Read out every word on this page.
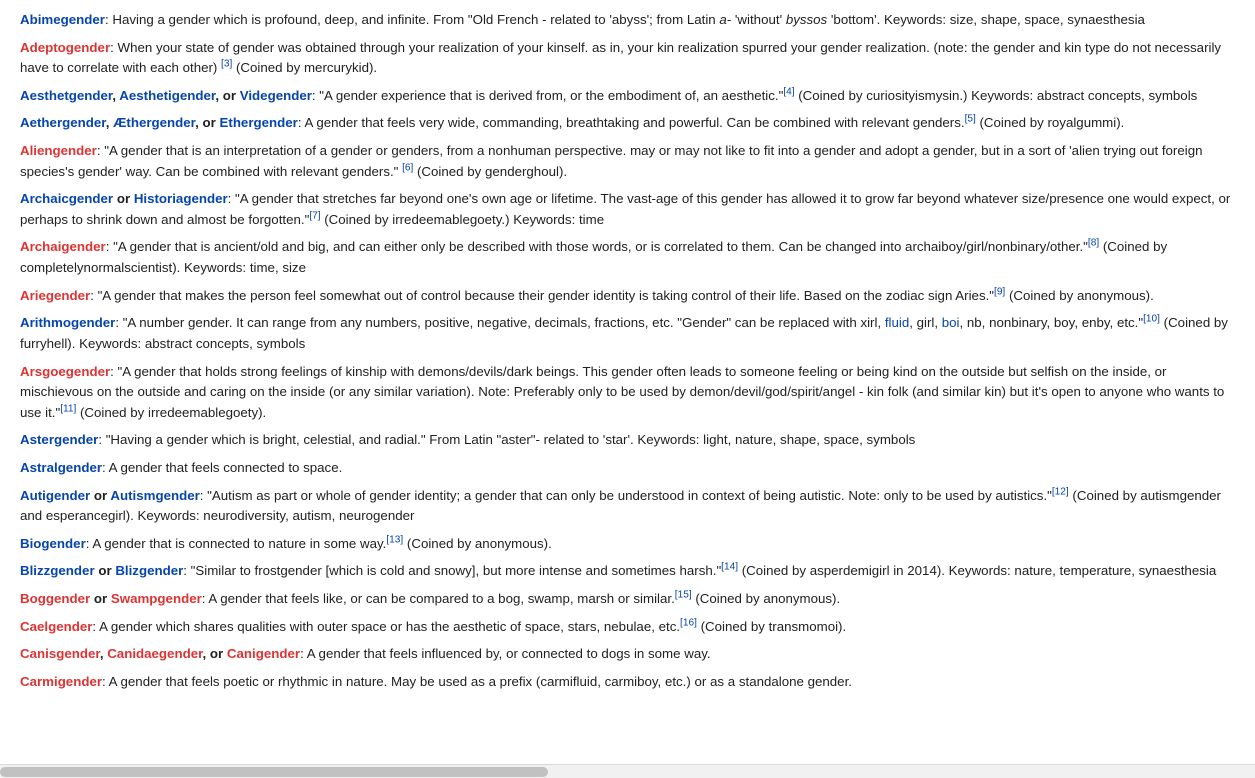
Abimegender: Having a gender which is profound, deep, and infinite. From "Old French - related to 'abyss'; from Latin a- 'without' byssos 'bottom'. Keywords: size, shape, space, synaesthesia

Adeptogender: When your state of gender was obtained through your realization of your kinself. as in, your kin realization spurred your gender realization. (note: the gender and kin type do not necessarily have to correlate with each other) [3] (Coined by mercurykid).

Aesthetgender, Aesthetigender, or Videgender: "A gender experience that is derived from, or the embodiment of, an aesthetic."[4] (Coined by curiosityismysin.) Keywords: abstract concepts, symbols

Aethergender, Æthergender, or Ethergender: A gender that feels very wide, commanding, breathtaking and powerful. Can be combined with relevant genders.[5] (Coined by royalgummi).

Aliengender: "A gender that is an interpretation of a gender or genders, from a nonhuman perspective. may or may not like to fit into a gender and adopt a gender, but in a sort of 'alien trying out foreign species's gender' way. Can be combined with relevant genders." [6] (Coined by genderghoul).

Archaicgender or Historiagender: "A gender that stretches far beyond one's own age or lifetime. The vast-age of this gender has allowed it to grow far beyond whatever size/presence one would expect, or perhaps to shrink down and almost be forgotten."[7] (Coined by irredeemablegoety.) Keywords: time

Archaigender: "A gender that is ancient/old and big, and can either only be described with those words, or is correlated to them. Can be changed into archaiboy/girl/nonbinary/other."[8] (Coined by completelynormalscientist). Keywords: time, size

Ariegender: "A gender that makes the person feel somewhat out of control because their gender identity is taking control of their life. Based on the zodiac sign Aries."[9] (Coined by anonymous).

Arithmogender: "A number gender. It can range from any numbers, positive, negative, decimals, fractions, etc. "Gender" can be replaced with xirl, fluid, girl, boi, nb, nonbinary, boy, enby, etc."[10] (Coined by furryhell). Keywords: abstract concepts, symbols

Arsgoegender: "A gender that holds strong feelings of kinship with demons/devils/dark beings. This gender often leads to someone feeling or being kind on the outside but selfish on the inside, or mischievous on the outside and caring on the inside (or any similar variation). Note: Preferably only to be used by demon/devil/god/spirit/angel - kin folk (and similar kin) but it's open to anyone who wants to use it."[11] (Coined by irredeemablegoety).

Astergender: "Having a gender which is bright, celestial, and radial." From Latin "aster"- related to 'star'. Keywords: light, nature, shape, space, symbols

Astralgender: A gender that feels connected to space.

Autigender or Autismgender: "Autism as part or whole of gender identity; a gender that can only be understood in context of being autistic. Note: only to be used by autistics."[12] (Coined by autismgender and esperancegirl). Keywords: neurodiversity, autism, neurogender

Biogender: A gender that is connected to nature in some way.[13] (Coined by anonymous).

Blizzgender or Blizgender: "Similar to frostgender [which is cold and snowy], but more intense and sometimes harsh."[14] (Coined by asperdemigirl in 2014). Keywords: nature, temperature, synaesthesia

Boggender or Swampgender: A gender that feels like, or can be compared to a bog, swamp, marsh or similar.[15] (Coined by anonymous).

Caelgender: A gender which shares qualities with outer space or has the aesthetic of space, stars, nebulae, etc.[16] (Coined by transmomoi).

Canisgender, Canidaegender, or Canigender: A gender that feels influenced by, or connected to dogs in some way.

Carmigender: A gender that feels poetic or rhythmic in nature. May be used as a prefix (carmifluid, carmiboy, etc.) or as a standalone gender.
